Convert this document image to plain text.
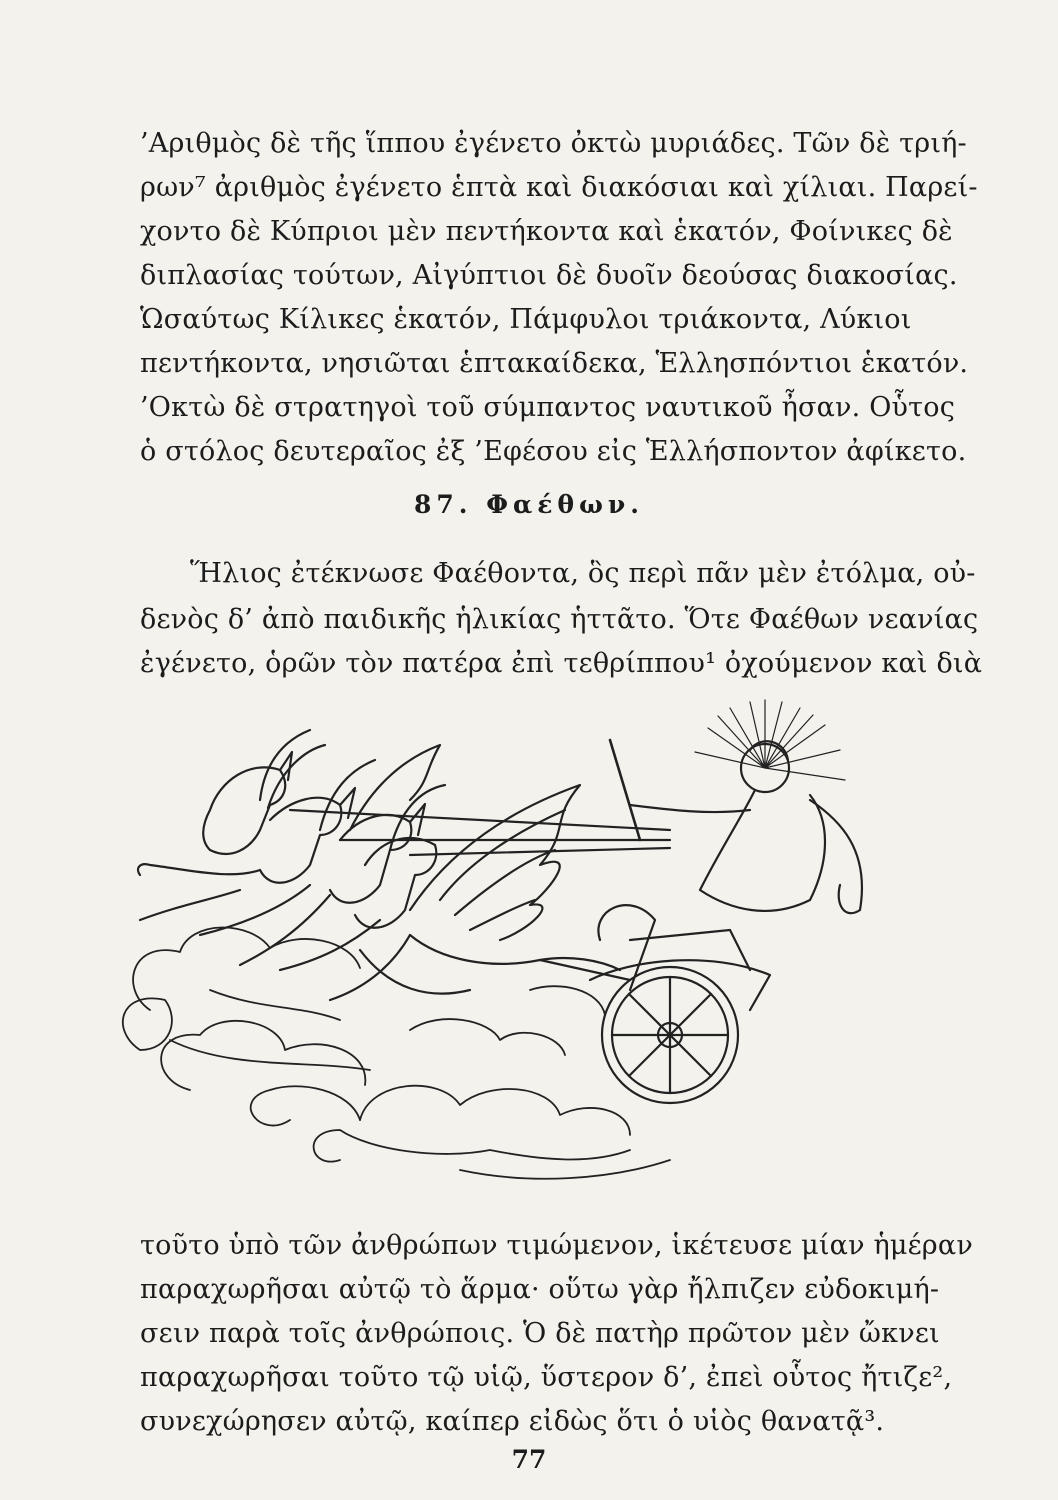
’Αριθμὸς δὲ τῆς ἵππου ἐγένετο ὀκτὼ μυριάδες. Τῶν δὲ τριή-
ρων⁷ ἀριθμὸς ἐγένετο ἑπτὰ καὶ διακόσιαι καὶ χίλιαι. Παρεί-
χοντο δὲ Κύπριοι μὲν πεντήκοντα καὶ ἑκατόν, Φοίνικες δὲ
διπλασίας τούτων, Αἰγύπτιοι δὲ δυοῖν δεούσας διακοσίας.
Ὡσαύτως Κίλικες ἑκατόν, Πάμφυλοι τριάκοντα, Λύκιοι
πεντήκοντα, νησιῶται ἑπτακαίδεκα, Ἑλλησπόντιοι ἑκατόν.
’Οκτὼ δὲ στρατηγοὶ τοῦ σύμπαντος ναυτικοῦ ἦσαν. Οὗτος
ὁ στόλος δευτεραῖος ἐξ ’Εφέσου εἰς Ἑλλήσποντον ἀφίκετο.
87. Φαέθων.
Ἥλιος ἐτέκνωσε Φαέθοντα, ὃς περὶ πᾶν μὲν ἐτόλμα, οὐ-
δενὸς δ’ ἀπὸ παιδικῆς ἡλικίας ἡττᾶτο. Ὅτε Φαέθων νεανίας
ἐγένετο, ὁρῶν τὸν πατέρα ἐπὶ τεθρίππου¹ ὀχούμενον καὶ διὰ
τοῦτο ὑπὸ τῶν ἀνθρώπων τιμώμενον, ἱκέτευσε μίαν ἡμέραν
παραχωρῆσαι αὐτῷ τὸ ἅρμα· οὕτω γὰρ ἤλπιζεν εὐδοκιμή-
σειν παρὰ τοῖς ἀνθρώποις. Ὁ δὲ πατὴρ πρῶτον μὲν ὤκνει
παραχωρῆσαι τοῦτο τῷ υἱῷ, ὕστερον δ’, ἐπεὶ οὗτος ἤτιζε²,
συνεχώρησεν αὐτῷ, καίπερ εἰδὼς ὅτι ὁ υἱὸς θανατᾷ³.
77
